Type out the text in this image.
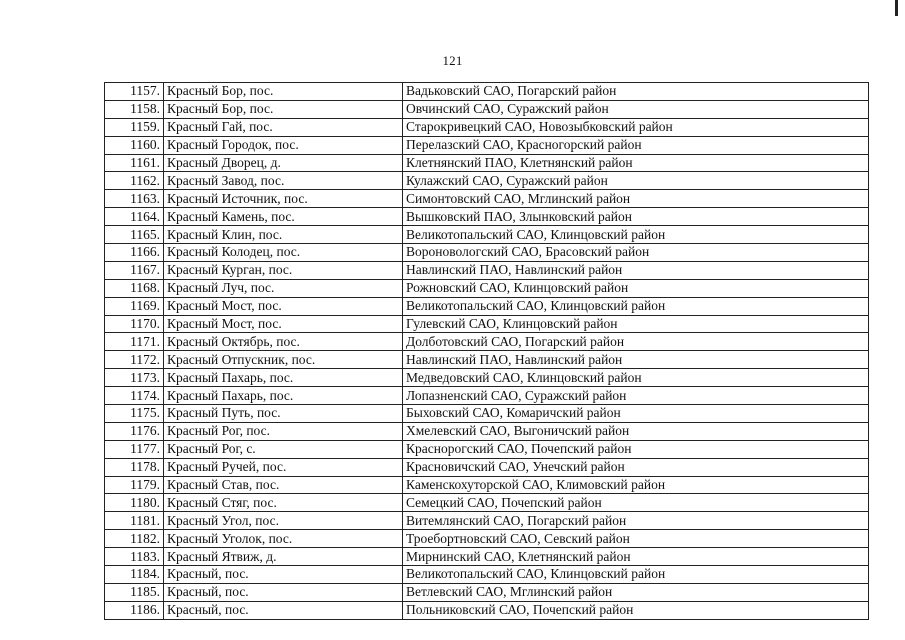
121
1157.	Красный Бор, пос.	Вадьковский САО, Погарский район
1158.	Красный Бор, пос.	Овчинский САО, Суражский район
1159.	Красный Гай, пос.	Старокривецкий САО, Новозыбковский район
1160.	Красный Городок, пос.	Перелазский САО, Красногорский район
1161.	Красный Дворец, д.	Клетнянский ПАО, Клетнянский район
1162.	Красный Завод, пос.	Кулажский САО, Суражский район
1163.	Красный Источник, пос.	Симонтовский САО, Мглинский район
1164.	Красный Камень, пос.	Вышковский ПАО, Злынковский район
1165.	Красный Клин, пос.	Великотопальский САО, Клинцовский район
1166.	Красный Колодец, пос.	Вороновологский САО, Брасовский район
1167.	Красный Курган, пос.	Навлинский ПАО, Навлинский район
1168.	Красный Луч, пос.	Рожновский САО, Клинцовский район
1169.	Красный Мост, пос.	Великотопальский САО, Клинцовский район
1170.	Красный Мост, пос.	Гулевский САО, Клинцовский район
1171.	Красный Октябрь, пос.	Долботовский САО, Погарский район
1172.	Красный Отпускник, пос.	Навлинский ПАО, Навлинский район
1173.	Красный Пахарь, пос.	Медведовский САО, Клинцовский район
1174.	Красный Пахарь, пос.	Лопазненский САО, Суражский район
1175.	Красный Путь, пос.	Быховский САО, Комаричский район
1176.	Красный Рог, пос.	Хмелевский САО, Выгоничский район
1177.	Красный Рог, с.	Краснорогский САО, Почепский район
1178.	Красный Ручей, пос.	Красновичский САО, Унечский район
1179.	Красный Став, пос.	Каменскохуторской САО, Климовский район
1180.	Красный Стяг, пос.	Семецкий САО, Почепский район
1181.	Красный Угол, пос.	Витемлянский САО, Погарский район
1182.	Красный Уголок, пос.	Троебортновский САО, Севский район
1183.	Красный Ятвиж, д.	Мирнинский САО, Клетнянский район
1184.	Красный, пос.	Великотопальский САО, Клинцовский район
1185.	Красный, пос.	Ветлевский САО, Мглинский район
1186.	Красный, пос.	Польниковский САО, Почепский район
